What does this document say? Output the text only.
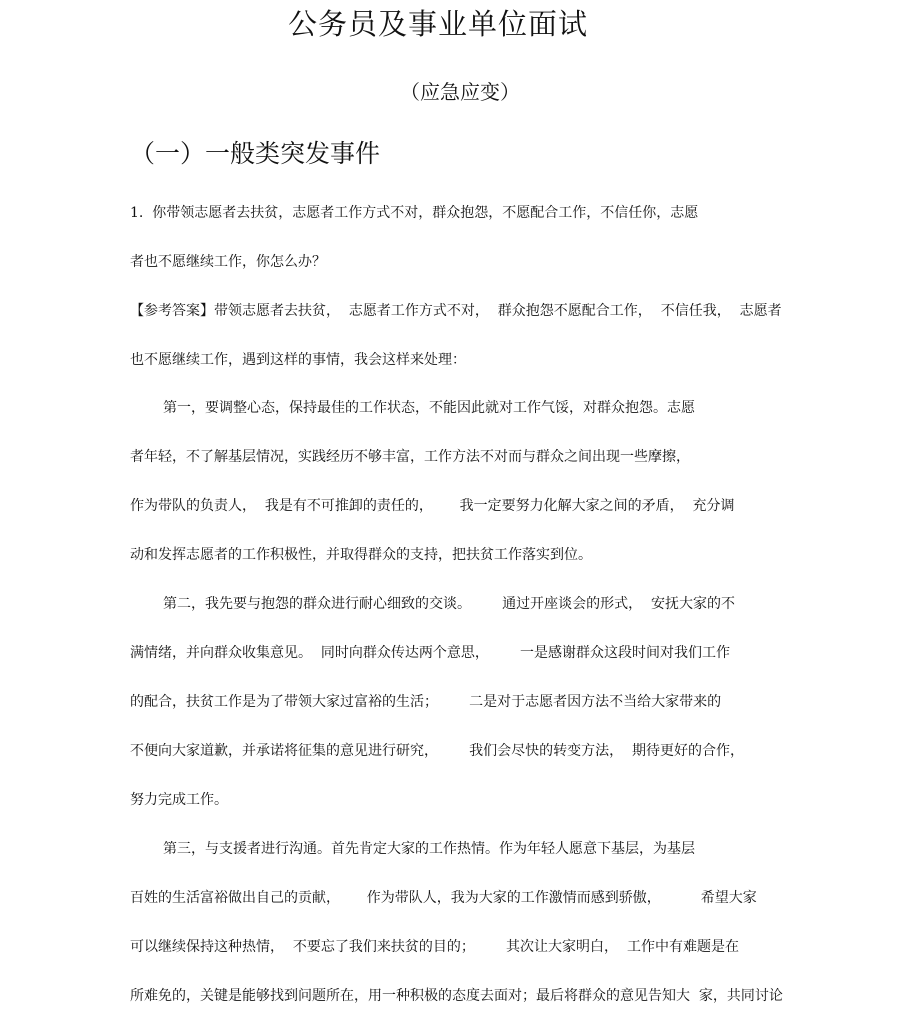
公务员及事业单位面试
（应急应变）
（一）一般类突发事件
1.  你带领志愿者去扶贫，志愿者工作方式不对，群众抱怨，不愿配合工作，不信任你，志愿
者也不愿继续工作，你怎么办？
【参考答案】带领志愿者去扶贫，  志愿者工作方式不对，  群众抱怨不愿配合工作，  不信任我，  志愿者
也不愿继续工作，遇到这样的事情，我会这样来处理：
第一，要调整心态，保持最佳的工作状态，不能因此就对工作气馁，对群众抱怨。志愿
者年轻，不了解基层情况，实践经历不够丰富，工作方法不对而与群众之间出现一些摩擦，
作为带队的负责人，  我是有不可推卸的责任的，      我一定要努力化解大家之间的矛盾，  充分调
动和发挥志愿者的工作积极性，并取得群众的支持，把扶贫工作落实到位。
第二，我先要与抱怨的群众进行耐心细致的交谈。       通过开座谈会的形式，  安抚大家的不
满情绪，并向群众收集意见。  同时向群众传达两个意思，       一是感谢群众这段时间对我们工作
的配合，扶贫工作是为了带领大家过富裕的生活；       二是对于志愿者因方法不当给大家带来的
不便向大家道歉，并承诺将征集的意见进行研究，       我们会尽快的转变方法，  期待更好的合作，
努力完成工作。
第三，与支援者进行沟通。首先肯定大家的工作热情。作为年轻人愿意下基层，为基层
百姓的生活富裕做出自己的贡献，      作为带队人，我为大家的工作激情而感到骄傲，         希望大家
可以继续保持这种热情，  不要忘了我们来扶贫的目的；       其次让大家明白，  工作中有难题是在
所难免的，关键是能够找到问题所在，用一种积极的态度去面对；最后将群众的意见告知大  家，共同讨论
